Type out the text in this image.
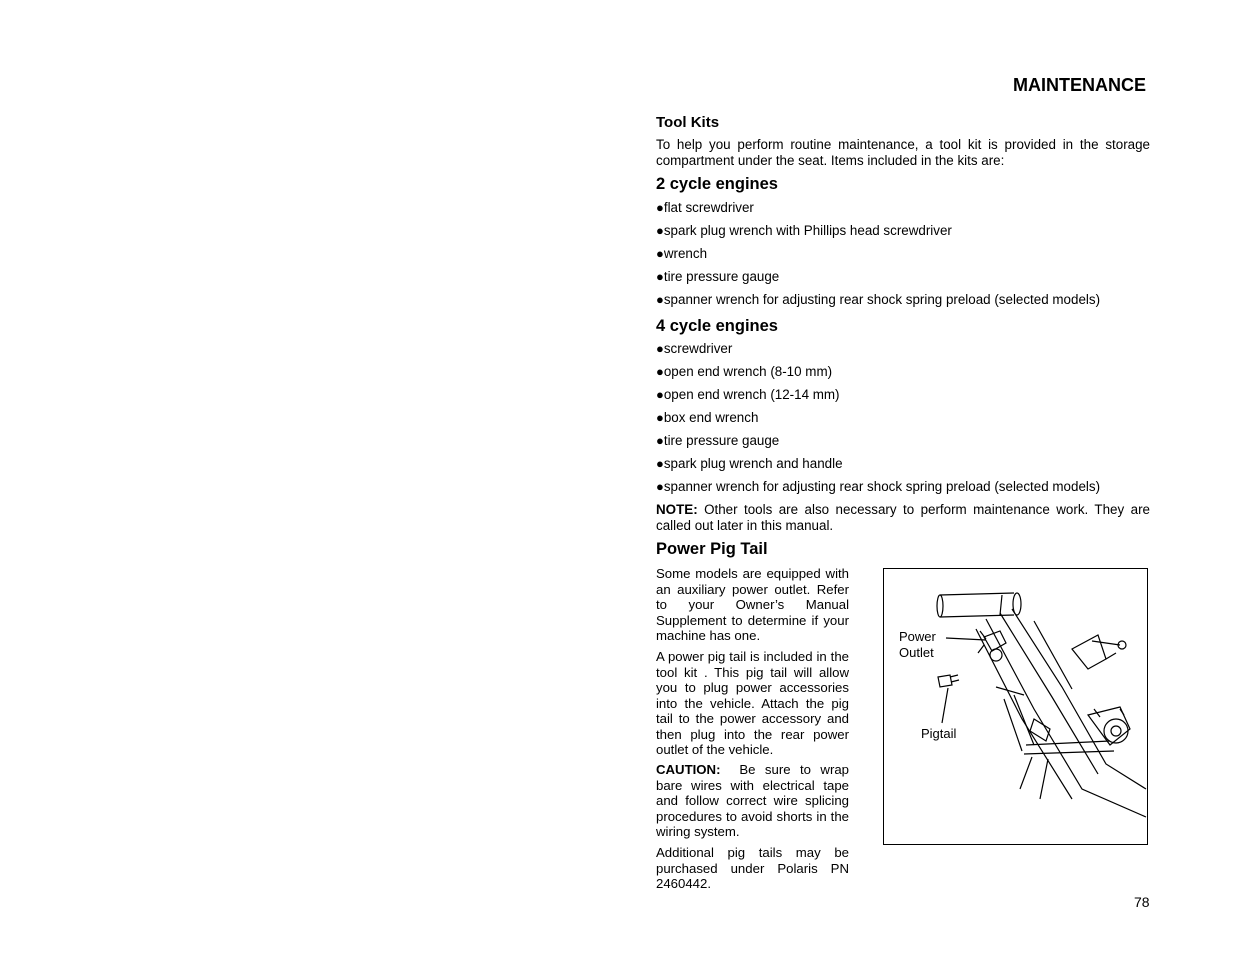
MAINTENANCE
Tool Kits
To help you perform routine maintenance, a tool kit is provided in the storage compartment under the seat. Items included in the kits are:
2 cycle engines
●flat screwdriver
●spark plug wrench with Phillips head screwdriver
●wrench
●tire pressure gauge
●spanner wrench for adjusting rear shock spring preload (selected models)
4 cycle engines
●screwdriver
●open end wrench (8-10 mm)
●open end wrench (12-14 mm)
●box end wrench
●tire pressure gauge
●spark plug wrench and handle
●spanner wrench for adjusting rear shock spring preload (selected models)
NOTE: Other tools are also necessary to perform maintenance work. They are called out later in this manual.
Power Pig Tail
Some models are equipped with an auxiliary power outlet. Refer to your Owner’s Manual Supplement to determine if your machine has one.
A power pig tail is included in the tool kit . This pig tail will allow you to plug power accessories into the vehicle. Attach the pig tail to the power accessory and then plug into the rear power outlet of the vehicle.
CAUTION: Be sure to wrap bare wires with electrical tape and follow correct wire splicing procedures to avoid shorts in the wiring system.
Additional pig tails may be purchased under Polaris PN 2460442.
Power
Outlet
Pigtail
78
